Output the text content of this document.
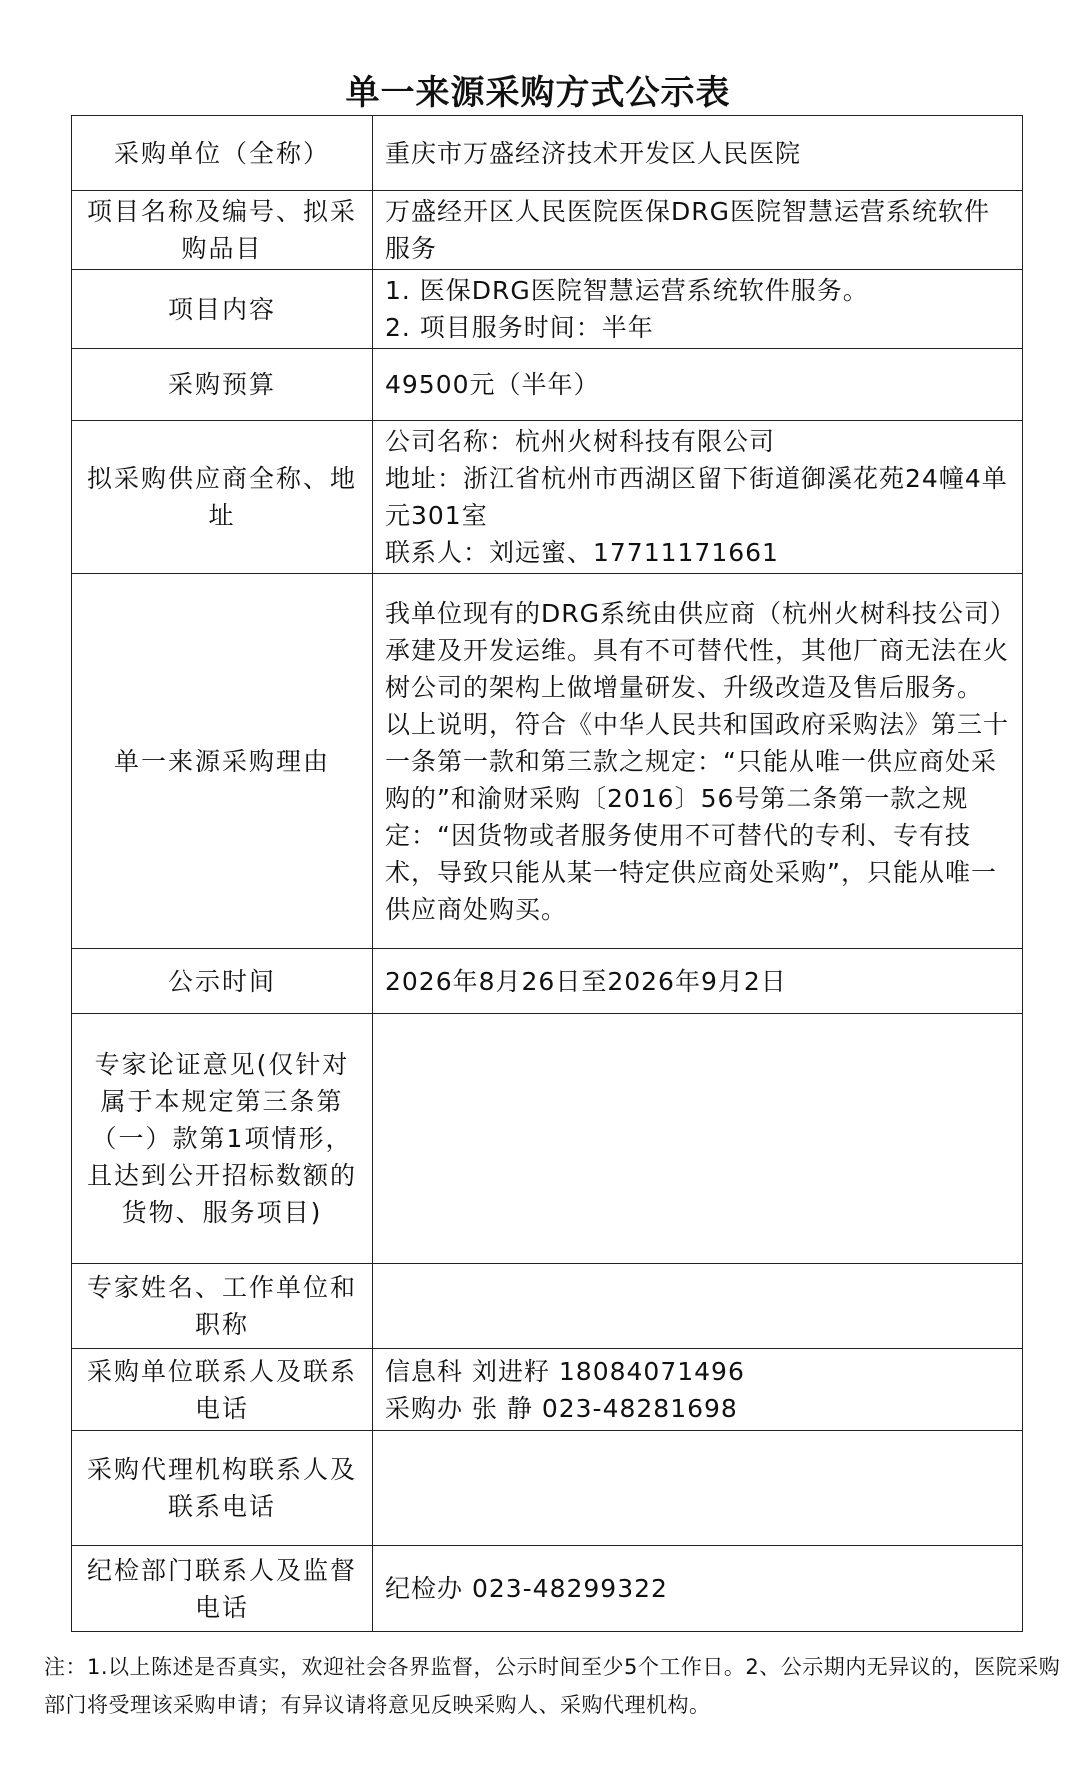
单一来源采购方式公示表
采购单位（全称）	重庆市万盛经济技术开发区人民医院

项目名称及编号、拟采购品目	万盛经开区人民医院医保DRG医院智慧运营系统软件服务

项目内容	1. 医保DRG医院智慧运营系统软件服务。
2. 项目服务时间：半年

采购预算	49500元（半年）

拟采购供应商全称、地址	公司名称：杭州火树科技有限公司
地址：浙江省杭州市西湖区留下街道御溪花苑24幢4单元301室
联系人：刘远蜜、17711171661

单一来源采购理由	我单位现有的DRG系统由供应商（杭州火树科技公司）承建及开发运维。具有不可替代性，其他厂商无法在火树公司的架构上做增量研发、升级改造及售后服务。
以上说明，符合《中华人民共和国政府采购法》第三十一条第一款和第三款之规定：“只能从唯一供应商处采购的”和渝财采购〔2016〕56号第二条第一款之规定：“因货物或者服务使用不可替代的专利、专有技术，导致只能从某一特定供应商处采购”，只能从唯一供应商处购买。

公示时间	2026年8月26日至2026年9月2日

专家论证意见(仅针对属于本规定第三条第（一）款第1项情形，且达到公开招标数额的货物、服务项目)	
专家姓名、工作单位和职称	
采购单位联系人及联系电话	信息科 刘进籽 18084071496
采购办 张 静 023-48281698

采购代理机构联系人及联系电话	
纪检部门联系人及监督电话	纪检办 023-48299322

注：1.以上陈述是否真实，欢迎社会各界监督，公示时间至少5个工作日。2、公示期内无异议的，医院采购部门将受理该采购申请；有异议请将意见反映采购人、采购代理机构。
